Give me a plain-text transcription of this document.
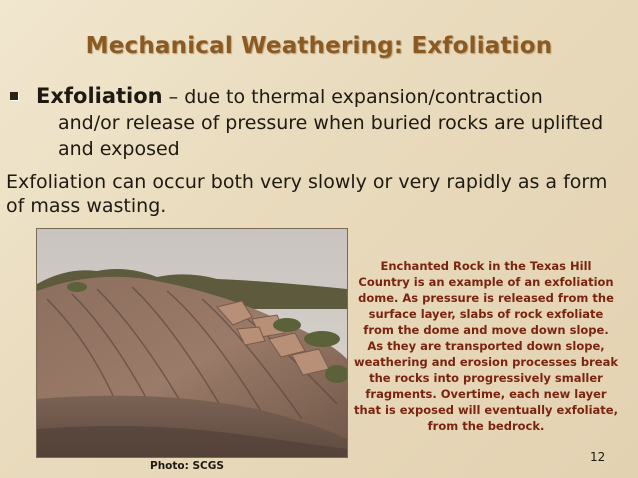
Mechanical Weathering: Exfoliation
Exfoliation – due to thermal expansion/contraction
and/or release of pressure when buried rocks are uplifted
and exposed
Exfoliation can occur both very slowly or very rapidly as a form of mass wasting.
Enchanted Rock in the Texas Hill Country is an example of an exfoliation dome. As pressure is released from the surface layer, slabs of rock exfoliate from the dome and move down slope. As they are transported down slope, weathering and erosion processes break the rocks into progressively smaller fragments. Overtime, each new layer that is exposed will eventually exfoliate, from the bedrock.
Photo: SCGS
12
